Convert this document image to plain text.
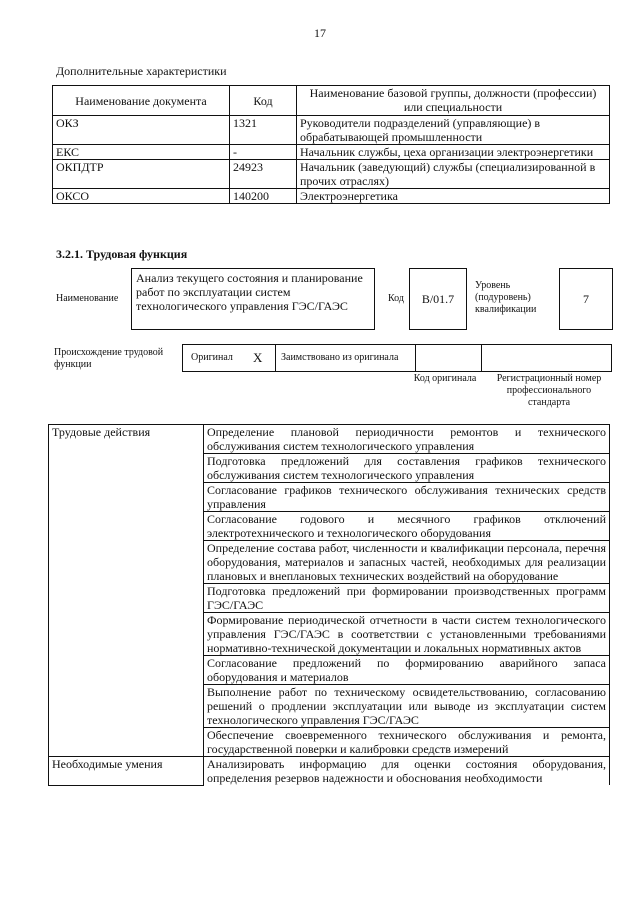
17
Дополнительные характеристики
Наименование документа	Код	Наименование базовой группы, должности (профессии) или специальности
ОКЗ	1321	Руководители подразделений (управляющие) в обрабатывающей промышленности
ЕКС	-	Начальник службы, цеха организации электроэнергетики
ОКПДТР	24923	Начальник (заведующий) службы (специализированной в прочих отраслях)
ОКСО	140200	Электроэнергетика
3.2.1. Трудовая функция
Наименование
Анализ текущего состояния и планирование работ по эксплуатации систем технологического управления ГЭС/ГАЭС
Код B/01.7
Уровень (подуровень) квалификации
7
Происхождение трудовой функции
Оригинал X Заимствовано из оригинала
Код оригинала	Регистрационный номер профессионального стандарта
Трудовые действия	Определение плановой периодичности ремонтов и технического обслуживания систем технологического управления
	Подготовка предложений для составления графиков технического обслуживания систем технологического управления
	Согласование графиков технического обслуживания технических средств управления
	Согласование годового и месячного графиков отключений электротехнического и технологического оборудования
	Определение состава работ, численности и квалификации персонала, перечня оборудования, материалов и запасных частей, необходимых для реализации плановых и внеплановых технических воздействий на оборудование
	Подготовка предложений при формировании производственных программ ГЭС/ГАЭС
	Формирование периодической отчетности в части систем технологического управления ГЭС/ГАЭС в соответствии с установленными требованиями нормативно-технической документации и локальных нормативных актов
	Согласование предложений по формированию аварийного запаса оборудования и материалов
	Выполнение работ по техническому освидетельствованию, согласованию решений о продлении эксплуатации или выводе из эксплуатации систем технологического управления ГЭС/ГАЭС
	Обеспечение своевременного технического обслуживания и ремонта, государственной поверки и калибровки средств измерений
Необходимые умения	Анализировать информацию для оценки состояния оборудования, определения резервов надежности и обоснования необходимости
